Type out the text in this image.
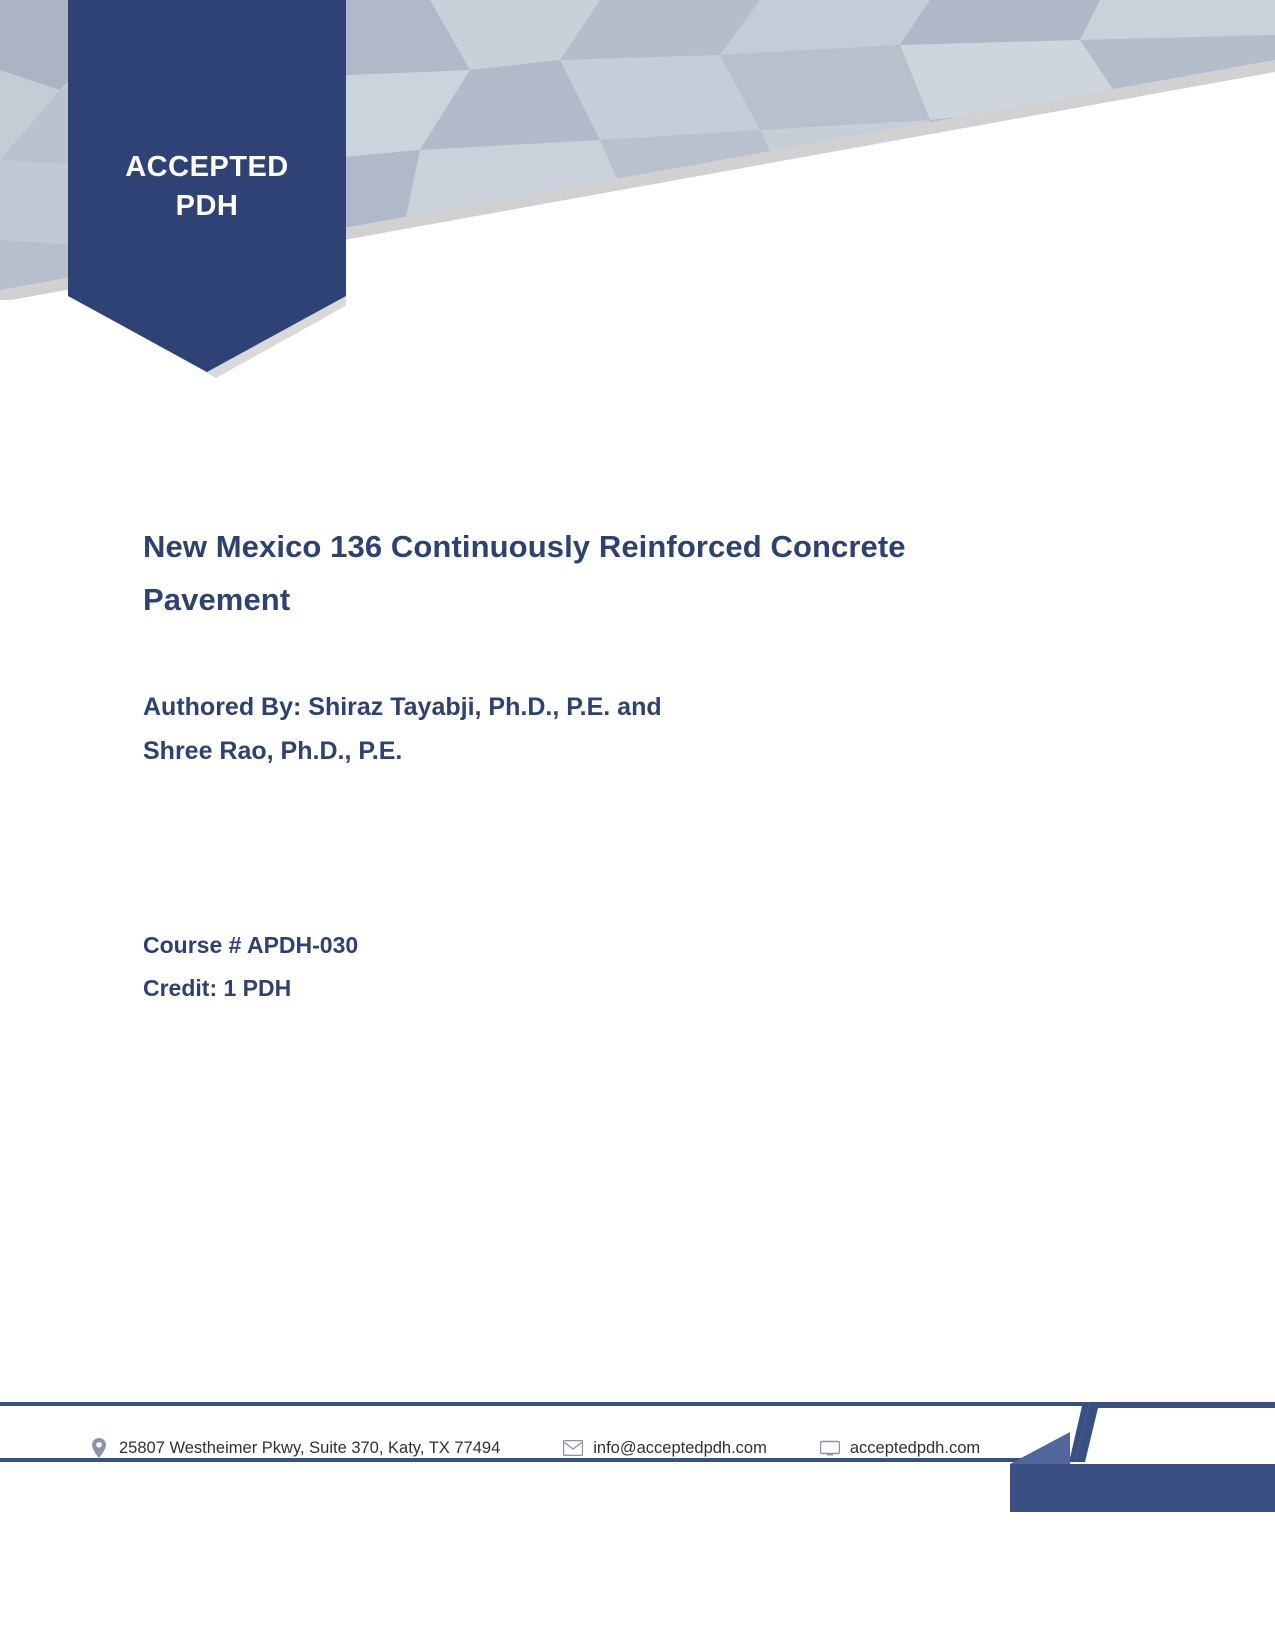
ACCEPTED
PDH
New Mexico 136 Continuously Reinforced Concrete Pavement
Authored By: Shiraz Tayabji, Ph.D., P.E. and
Shree Rao, Ph.D., P.E.
Course # APDH-030
Credit: 1 PDH
25807 Westheimer Pkwy, Suite 370, Katy, TX 77494	info@acceptedpdh.com	acceptedpdh.com
